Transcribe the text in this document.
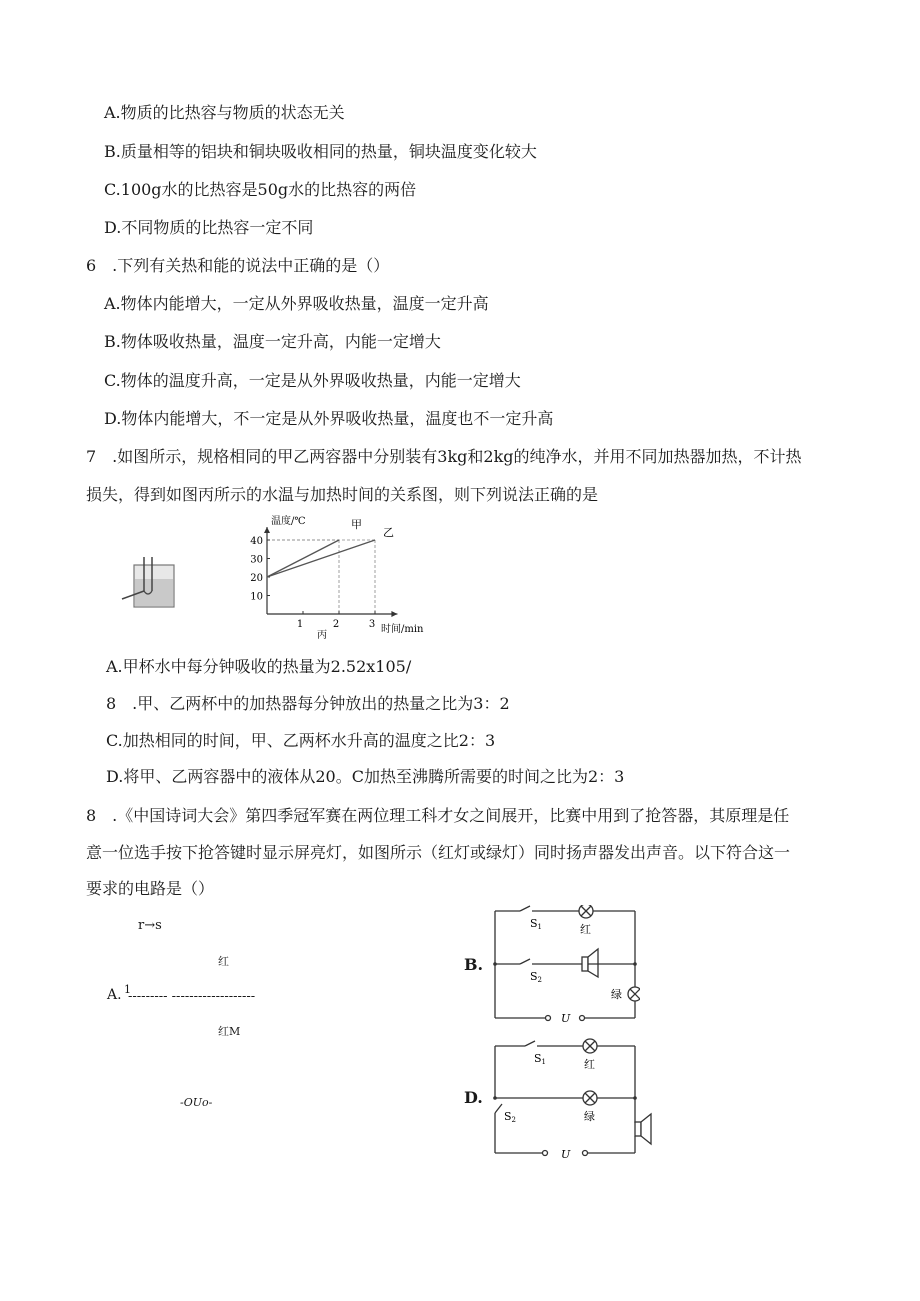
A.物质的比热容与物质的状态无关
B.质量相等的铝块和铜块吸收相同的热量，铜块温度变化较大
C.100g水的比热容是50g水的比热容的两倍
D.不同物质的比热容一定不同
6　.下列有关热和能的说法中正确的是（）
A.物体内能增大，一定从外界吸收热量，温度一定升高
B.物体吸收热量，温度一定升高，内能一定增大
C.物体的温度升高，一定是从外界吸收热量，内能一定增大
D.物体内能增大，不一定是从外界吸收热量，温度也不一定升高
7　.如图所示，规格相同的甲乙两容器中分别装有3kg和2kg的纯净水，并用不同加热器加热，不计热
损失，得到如图丙所示的水温与加热时间的关系图，则下列说法正确的是
10
20
30
40
1	2	3
甲
乙
温度/℃
时间/min
丙
A.甲杯水中每分钟吸收的热量为2.52x105/
8　.甲、乙两杯中的加热器每分钟放出的热量之比为3：2
C.加热相同的时间，甲、乙两杯水升高的温度之比2：3
D.将甲、乙两容器中的液体从20。C加热至沸腾所需要的时间之比为2：3
8　.《中国诗词大会》第四季冠军赛在两位理工科才女之间展开，比赛中用到了抢答器，其原理是任
意一位选手按下抢答键时显示屏亮灯，如图所示（红灯或绿灯）同时扬声器发出声音。以下符合这一
要求的电路是（）
r→s
红
A. 1
--------- -------------------
红M
-OUo-
B.
S1
S2
红
绿
U
D.
S1
S2
红
绿
U
